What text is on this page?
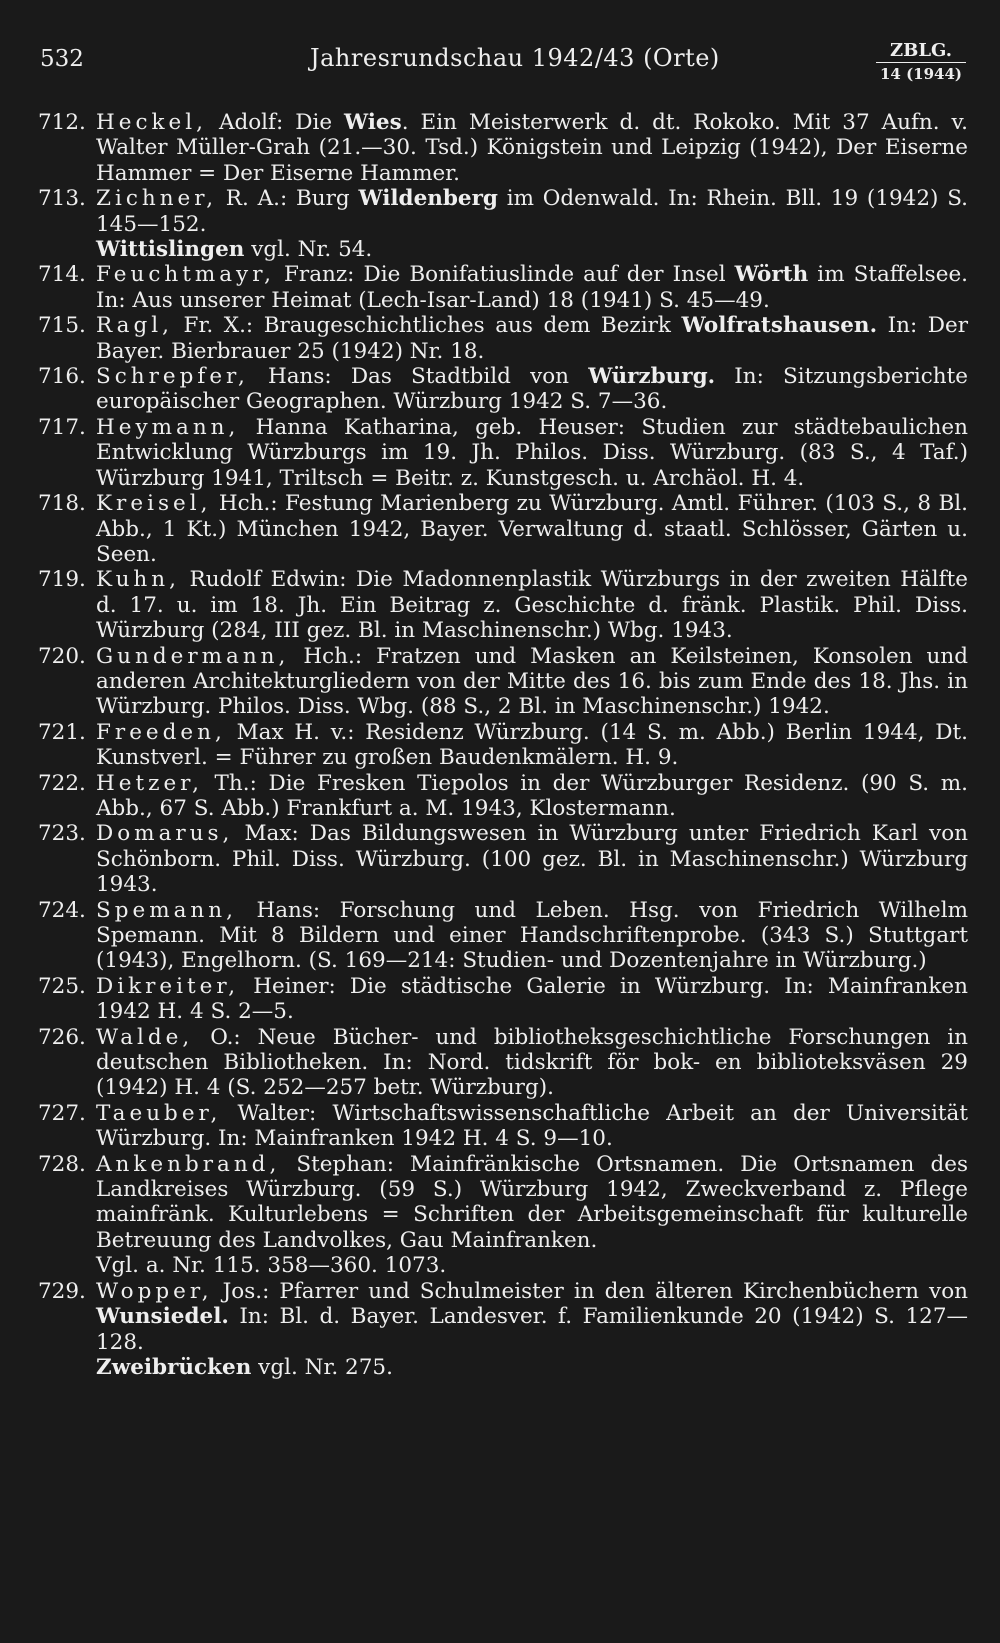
532	Jahresrundschau 1942/43 (Orte)	ZBLG.
14 (1944)
712. Heckel, Adolf: Die Wies. Ein Meisterwerk d. dt. Rokoko. Mit 37 Aufn. v. Walter Müller-Grah (21.—30. Tsd.) Königstein und Leipzig (1942), Der Eiserne Hammer = Der Eiserne Hammer.
713. Zichner, R. A.: Burg Wildenberg im Odenwald. In: Rhein. Bll. 19 (1942) S. 145—152.
Wittislingen vgl. Nr. 54.
714. Feuchtmayr, Franz: Die Bonifatiuslinde auf der Insel Wörth im Staffelsee. In: Aus unserer Heimat (Lech-Isar-Land) 18 (1941) S. 45—49.
715. Ragl, Fr. X.: Braugeschichtliches aus dem Bezirk Wolfratshausen. In: Der Bayer. Bierbrauer 25 (1942) Nr. 18.
716. Schrepfer, Hans: Das Stadtbild von Würzburg. In: Sitzungsberichte europäischer Geographen. Würzburg 1942 S. 7—36.
717. Heymann, Hanna Katharina, geb. Heuser: Studien zur städtebaulichen Entwicklung Würzburgs im 19. Jh. Philos. Diss. Würzburg. (83 S., 4 Taf.) Würzburg 1941, Triltsch = Beitr. z. Kunstgesch. u. Archäol. H. 4.
718. Kreisel, Hch.: Festung Marienberg zu Würzburg. Amtl. Führer. (103 S., 8 Bl. Abb., 1 Kt.) München 1942, Bayer. Verwaltung d. staatl. Schlösser, Gärten u. Seen.
719. Kuhn, Rudolf Edwin: Die Madonnenplastik Würzburgs in der zweiten Hälfte d. 17. u. im 18. Jh. Ein Beitrag z. Geschichte d. fränk. Plastik. Phil. Diss. Würzburg (284, III gez. Bl. in Maschinenschr.) Wbg. 1943.
720. Gundermann, Hch.: Fratzen und Masken an Keilsteinen, Konsolen und anderen Architekturgliedern von der Mitte des 16. bis zum Ende des 18. Jhs. in Würzburg. Philos. Diss. Wbg. (88 S., 2 Bl. in Maschinenschr.) 1942.
721. Freeden, Max H. v.: Residenz Würzburg. (14 S. m. Abb.) Berlin 1944, Dt. Kunstverl. = Führer zu großen Baudenkmälern. H. 9.
722. Hetzer, Th.: Die Fresken Tiepolos in der Würzburger Residenz. (90 S. m. Abb., 67 S. Abb.) Frankfurt a. M. 1943, Klostermann.
723. Domarus, Max: Das Bildungswesen in Würzburg unter Friedrich Karl von Schönborn. Phil. Diss. Würzburg. (100 gez. Bl. in Maschinenschr.) Würzburg 1943.
724. Spemann, Hans: Forschung und Leben. Hsg. von Friedrich Wilhelm Spemann. Mit 8 Bildern und einer Handschriftenprobe. (343 S.) Stuttgart (1943), Engelhorn. (S. 169—214: Studien- und Dozentenjahre in Würzburg.)
725. Dikreiter, Heiner: Die städtische Galerie in Würzburg. In: Mainfranken 1942 H. 4 S. 2—5.
726. Walde, O.: Neue Bücher- und bibliotheksgeschichtliche Forschungen in deutschen Bibliotheken. In: Nord. tidskrift för bok- en biblioteksväsen 29 (1942) H. 4 (S. 252—257 betr. Würzburg).
727. Taeuber, Walter: Wirtschaftswissenschaftliche Arbeit an der Universität Würzburg. In: Mainfranken 1942 H. 4 S. 9—10.
728. Ankenbrand, Stephan: Mainfränkische Ortsnamen. Die Ortsnamen des Landkreises Würzburg. (59 S.) Würzburg 1942, Zweckverband z. Pflege mainfränk. Kulturlebens = Schriften der Arbeitsgemeinschaft für kulturelle Betreuung des Landvolkes, Gau Mainfranken.
Vgl. a. Nr. 115. 358—360. 1073.
729. Wopper, Jos.: Pfarrer und Schulmeister in den älteren Kirchenbüchern von Wunsiedel. In: Bl. d. Bayer. Landesver. f. Familienkunde 20 (1942) S. 127—128.
Zweibrücken vgl. Nr. 275.
